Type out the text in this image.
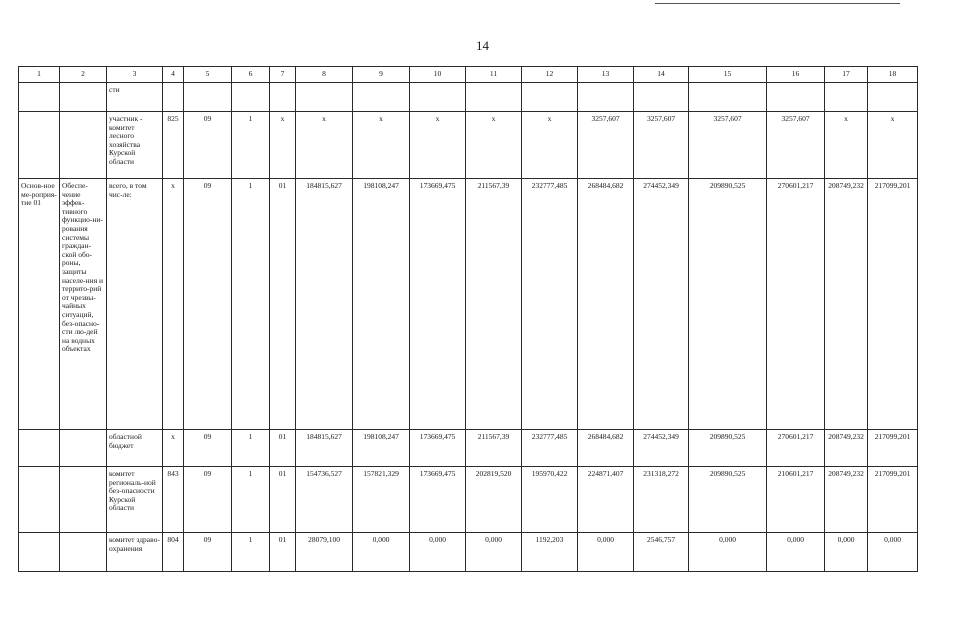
14
1	2	3	4	5	6	7	8	9	10	11	12	13	14	15	16	17	18
		сти															
		участник - комитет лесного хозяйства Курской области	825	09	1	х	х	х	х	х	х	3257,607	3257,607	3257,607	3257,607	х	х
Основ-ное ме-роприя-тие 01	Обеспе-чение эффек-тивного функцио-ни-рования системы граждан-ской обо-роны, защиты населе-ния и террито-рий от чрезвы-чайных ситуаций, без-опасно-сти лю-дей на водных объектах	всего, в том чис-ле:	х	09	1	01	184815,627	198108,247	173669,475	211567,39	232777,485	268484,682	274452,349	209890,525	270601,217	208749,232	217099,201
		областной бюджет	х	09	1	01	184815,627	198108,247	173669,475	211567,39	232777,485	268484,682	274452,349	209890,525	270601,217	208749,232	217099,201
		комитет региональ-ной без-опасности Курской области	843	09	1	01	154736,527	157821,329	173669,475	202819,520	195970,422	224871,407	231318,272	209890,525	210601,217	208749,232	217099,201
		комитет здраво-охранения	804	09	1	01	28079,100	0,000	0,000	0,000	1192,203	0,000	2546,757	0,000	0,000	0,000	0,000
